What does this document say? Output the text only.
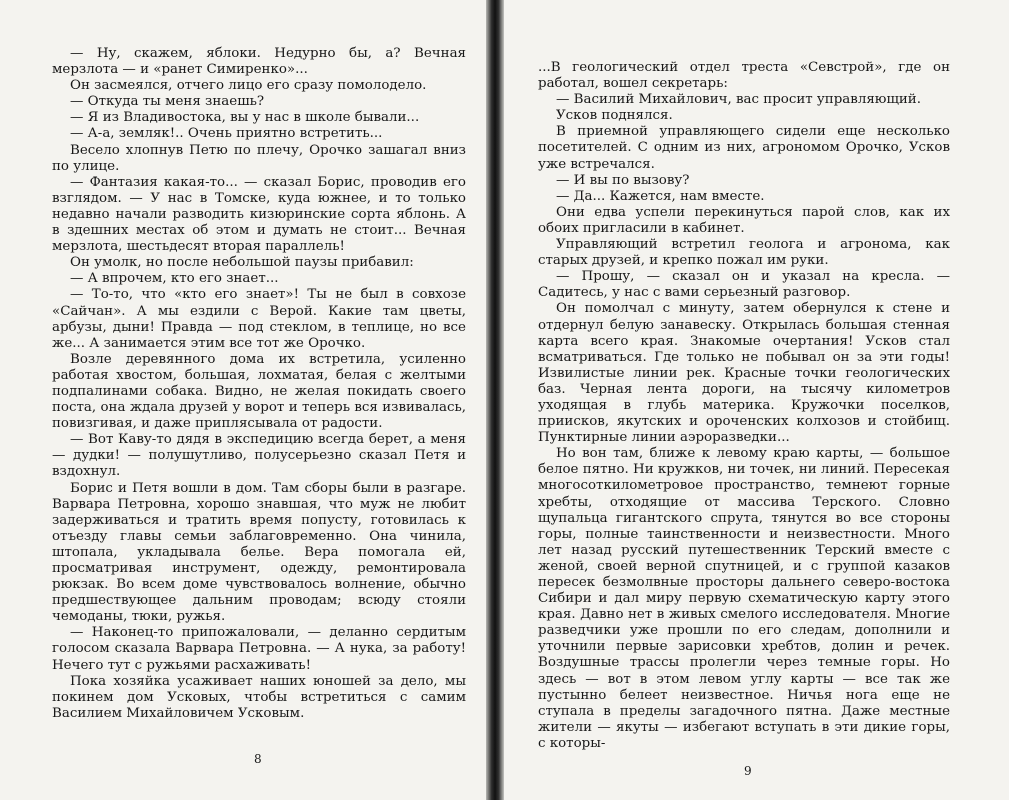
— Ну, скажем, яблоки. Недурно бы, а? Вечная мерзлота — и «ранет Симиренко»...

Он засмеялся, отчего лицо его сразу помолодело.

— Откуда ты меня знаешь?

— Я из Владивостока, вы у нас в школе бывали...

— А-а, земляк!.. Очень приятно встретить...

Весело хлопнув Петю по плечу, Орочко зашагал вниз по улице.

— Фантазия какая-то... — сказал Борис, проводив его взглядом. — У нас в Томске, куда южнее, и то только недавно начали разводить кизюринские сорта яблонь. А в здешних местах об этом и думать не стоит... Вечная мерзлота, шестьдесят вторая параллель!

Он умолк, но после небольшой паузы прибавил:

— А впрочем, кто его знает...

— То-то, что «кто его знает»! Ты не был в совхозе «Сайчан». А мы ездили с Верой. Какие там цветы, арбузы, дыни! Правда — под стеклом, в теплице, но все же... А занимается этим все тот же Орочко.

Возле деревянного дома их встретила, усиленно работая хвостом, большая, лохматая, белая с желтыми подпалинами собака. Видно, не желая покидать своего поста, она ждала друзей у ворот и теперь вся извивалась, повизгивая, и даже приплясывала от радости.

— Вот Каву-то дядя в экспедицию всегда берет, а меня — дудки! — полушутливо, полусерьезно сказал Петя и вздохнул.

Борис и Петя вошли в дом. Там сборы были в разгаре. Варвара Петровна, хорошо знавшая, что муж не любит задерживаться и тратить время попусту, готовилась к отъезду главы семьи заблаговременно. Она чинила, штопала, укладывала белье. Вера помогала ей, просматривая инструмент, одежду, ремонтировала рюкзак. Во всем доме чувствовалось волнение, обычно предшествующее дальним проводам; всюду стояли чемоданы, тюки, ружья.

— Наконец-то припожаловали, — деланно сердитым голосом сказала Варвара Петровна. — А нука, за работу! Нечего тут с ружьями расхаживать!

Пока хозяйка усаживает наших юношей за дело, мы покинем дом Усковых, чтобы встретиться с самим Василием Михайловичем Усковым.

8

...В геологический отдел треста «Севстрой», где он работал, вошел секретарь:

— Василий Михайлович, вас просит управляющий.

Усков поднялся.

В приемной управляющего сидели еще несколько посетителей. С одним из них, агрономом Орочко, Усков уже встречался.

— И вы по вызову?

— Да... Кажется, нам вместе.

Они едва успели перекинуться парой слов, как их обоих пригласили в кабинет.

Управляющий встретил геолога и агронома, как старых друзей, и крепко пожал им руки.

— Прошу, — сказал он и указал на кресла. — Садитесь, у нас с вами серьезный разговор.

Он помолчал с минуту, затем обернулся к стене и отдернул белую занавеску. Открылась большая стенная карта всего края. Знакомые очертания! Усков стал всматриваться. Где только не побывал он за эти годы! Извилистые линии рек. Красные точки геологических баз. Черная лента дороги, на тысячу километров уходящая в глубь материка. Кружочки поселков, приисков, якутских и ороченских колхозов и стойбищ. Пунктирные линии аэроразведки...

Но вон там, ближе к левому краю карты, — большое белое пятно. Ни кружков, ни точек, ни линий. Пересекая многосоткилометровое пространство, темнеют горные хребты, отходящие от массива Терского. Словно щупальца гигантского спрута, тянутся во все стороны горы, полные таинственности и неизвестности. Много лет назад русский путешественник Терский вместе с женой, своей верной спутницей, и с группой казаков пересек безмолвные просторы дальнего северо-востока Сибири и дал миру первую схематическую карту этого края. Давно нет в живых смелого исследователя. Многие разведчики уже прошли по его следам, дополнили и уточнили первые зарисовки хребтов, долин и речек. Воздушные трассы пролегли через темные горы. Но здесь — вот в этом левом углу карты — все так же пустынно белеет неизвестное. Ничья нога еще не ступала в пределы загадочного пятна. Даже местные жители — якуты — избегают вступать в эти дикие горы, с которы-

9
